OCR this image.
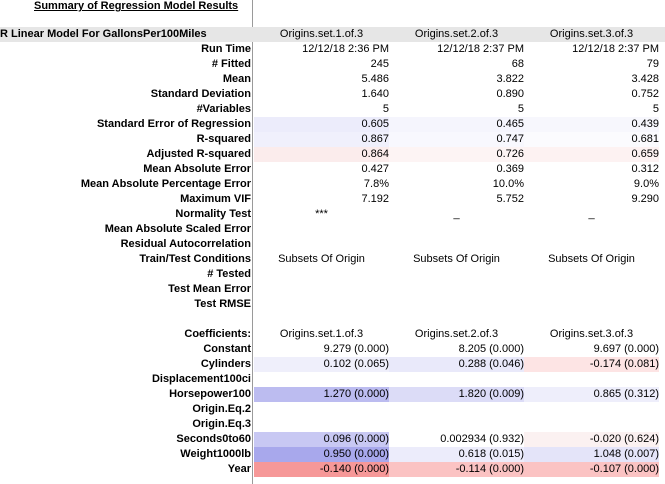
Summary of Regression Model Results
R Linear Model For GallonsPer100Miles	Origins.set.1.of.3	Origins.set.2.of.3	Origins.set.3.of.3
Run Time	12/12/18 2:36 PM	12/12/18 2:37 PM	12/12/18 2:37 PM
# Fitted	245	68	79
Mean	5.486	3.822	3.428
Standard Deviation	1.640	0.890	0.752
#Variables	5	5	5
Standard Error of Regression	0.605	0.465	0.439
R-squared	0.867	0.747	0.681
Adjusted R-squared	0.864	0.726	0.659
Mean Absolute Error	0.427	0.369	0.312
Mean Absolute Percentage Error	7.8%	10.0%	9.0%
Maximum VIF	7.192	5.752	9.290
Normality Test	***	_	_
Mean Absolute Scaled Error
Residual Autocorrelation
Train/Test Conditions	Subsets Of Origin	Subsets Of Origin	Subsets Of Origin
# Tested
Test Mean Error
Test RMSE
Coefficients:	Origins.set.1.of.3	Origins.set.2.of.3	Origins.set.3.of.3
Constant	9.279 (0.000)	8.205 (0.000)	9.697 (0.000)
Cylinders	0.102 (0.065)	0.288 (0.046)	-0.174 (0.081)
Displacement100ci
Horsepower100	1.270 (0.000)	1.820 (0.009)	0.865 (0.312)
Origin.Eq.2
Origin.Eq.3
Seconds0to60	0.096 (0.000)	0.002934 (0.932)	-0.020 (0.624)
Weight1000lb	0.950 (0.000)	0.618 (0.015)	1.048 (0.007)
Year	-0.140 (0.000)	-0.114 (0.000)	-0.107 (0.000)
